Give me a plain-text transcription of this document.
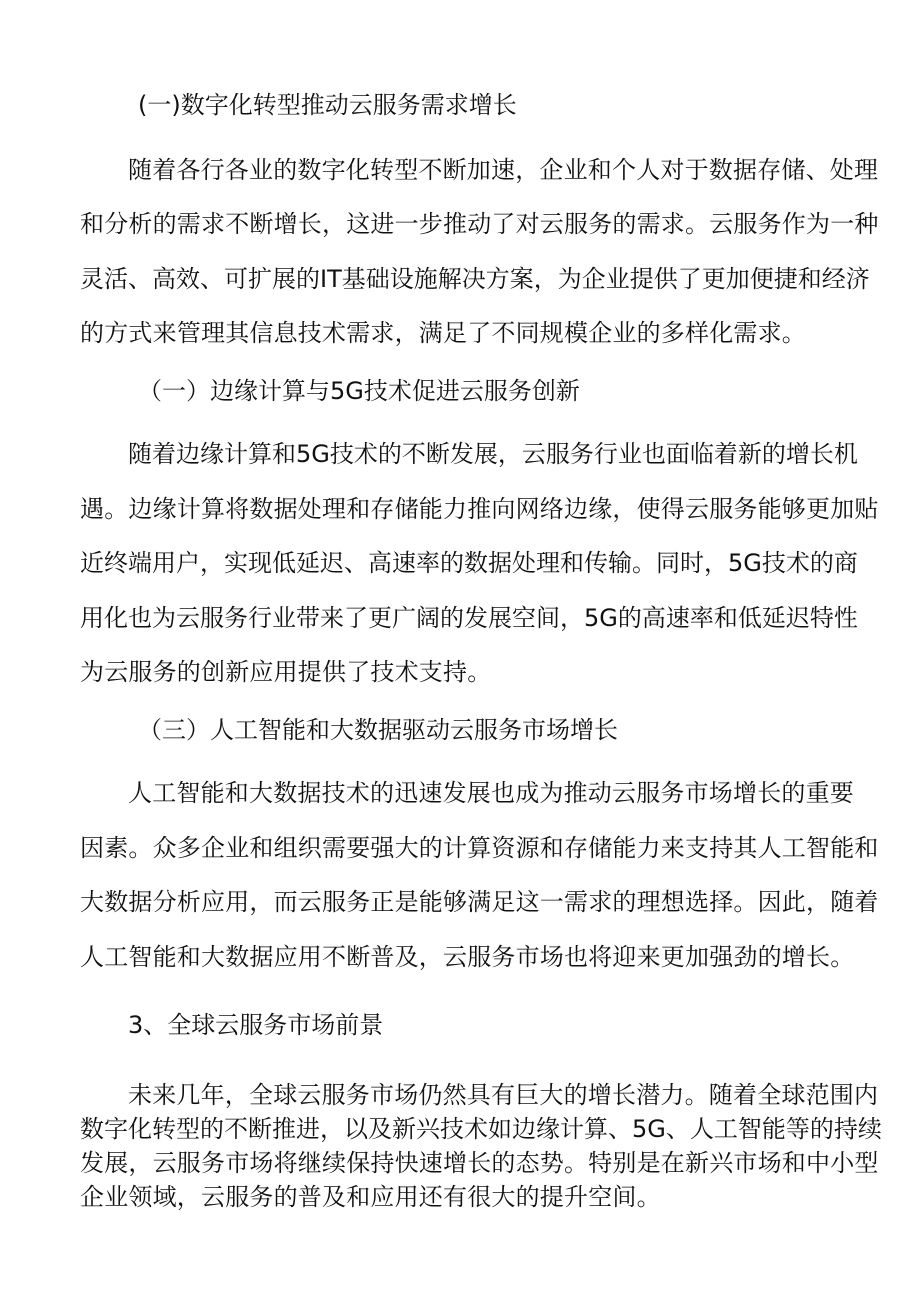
(一)数字化转型推动云服务需求增长

随着各行各业的数字化转型不断加速，企业和个人对于数据存储、处理

和分析的需求不断增长，这进一步推动了对云服务的需求。云服务作为一种

灵活、高效、可扩展的IT基础设施解决方案，为企业提供了更加便捷和经济

的方式来管理其信息技术需求，满足了不同规模企业的多样化需求。

（一）边缘计算与5G技术促进云服务创新

随着边缘计算和5G技术的不断发展，云服务行业也面临着新的增长机

遇。边缘计算将数据处理和存储能力推向网络边缘，使得云服务能够更加贴

近终端用户，实现低延迟、高速率的数据处理和传输。同时，5G技术的商

用化也为云服务行业带来了更广阔的发展空间，5G的高速率和低延迟特性

为云服务的创新应用提供了技术支持。

（三）人工智能和大数据驱动云服务市场增长

人工智能和大数据技术的迅速发展也成为推动云服务市场增长的重要

因素。众多企业和组织需要强大的计算资源和存储能力来支持其人工智能和

大数据分析应用，而云服务正是能够满足这一需求的理想选择。因此，随着

人工智能和大数据应用不断普及，云服务市场也将迎来更加强劲的增长。

3、全球云服务市场前景

未来几年，全球云服务市场仍然具有巨大的增长潜力。随着全球范围内

数字化转型的不断推进，以及新兴技术如边缘计算、5G、人工智能等的持续

发展，云服务市场将继续保持快速增长的态势。特别是在新兴市场和中小型

企业领域，云服务的普及和应用还有很大的提升空间。
